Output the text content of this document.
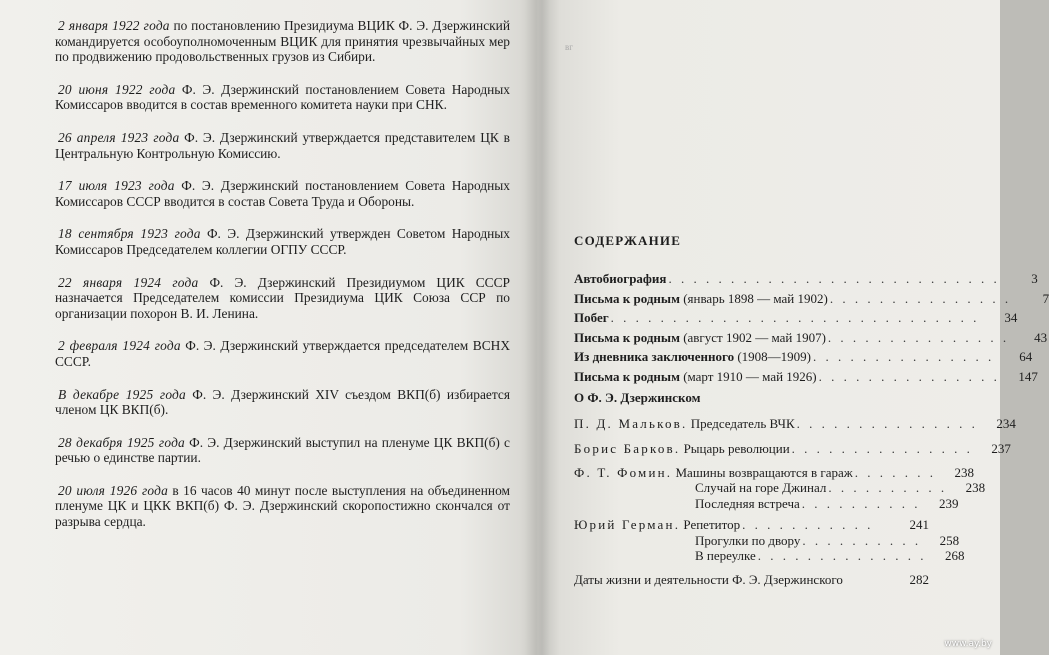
2 января 1922 года по постановлению Президиума ВЦИК Ф. Э. Дзержинский командируется особоуполномоченным ВЦИК для принятия чрезвычайных мер по продвижению продовольственных грузов из Сибири.

20 июня 1922 года Ф. Э. Дзержинский постановлением Совета Народных Комиссаров вводится в состав временного комитета науки при СНК.

26 апреля 1923 года Ф. Э. Дзержинский утверждается представителем ЦК в Центральную Контрольную Комиссию.

17 июля 1923 года Ф. Э. Дзержинский постановлением Совета Народных Комиссаров СССР вводится в состав Совета Труда и Обороны.

18 сентября 1923 года Ф. Э. Дзержинский утвержден Советом Народных Комиссаров Председателем коллегии ОГПУ СССР.

22 января 1924 года Ф. Э. Дзержинский Президиумом ЦИК СССР назначается Председателем комиссии Президиума ЦИК Союза ССР по организации похорон В. И. Ленина.

2 февраля 1924 года Ф. Э. Дзержинский утверждается председателем ВСНХ СССР.

В декабре 1925 года Ф. Э. Дзержинский XIV съездом ВКП(б) избирается членом ЦК ВКП(б).

28 декабря 1925 года Ф. Э. Дзержинский выступил на пленуме ЦК ВКП(б) с речью о единстве партии.

20 июля 1926 года в 16 часов 40 минут после выступления на объединенном пленуме ЦК и ЦКК ВКП(б) Ф. Э. Дзержинский скоропостижно скончался от разрыва сердца.

вг
СОДЕРЖАНИЕ
Автобиография . . . . . . . . . . . . . . . . . . . . . . . . . . .	3
Письма к родным (январь 1898 — май 1902) . . . . . . . . . . . . . . .	7
Побег . . . . . . . . . . . . . . . . . . . . . . . . . . . . . .	34
Письма к родным (август 1902 — май 1907) . . . . . . . . . . . . . . .	43
Из дневника заключенного (1908—1909) . . . . . . . . . . . . . . .	64
Письма к родным (март 1910 — май 1926) . . . . . . . . . . . . . . .	147
О Ф. Э. Дзержинском
П. Д. Мальков. Председатель ВЧК . . . . . . . . . . . . . . .	234
Борис Барков. Рыцарь революции . . . . . . . . . . . . . . .	237
Ф. Т. Фомин. Машины возвращаются в гараж . . . . . . .	238
Случай на горе Джинал . . . . . . . . . .	238
Последняя встреча . . . . . . . . . .	239
Юрий Герман. Репетитор . . . . . . . . . . .	241
Прогулки по двору . . . . . . . . . .	258
В переулке . . . . . . . . . . . . . .	268
Даты жизни и деятельности Ф. Э. Дзержинского	282
www.ay.by
